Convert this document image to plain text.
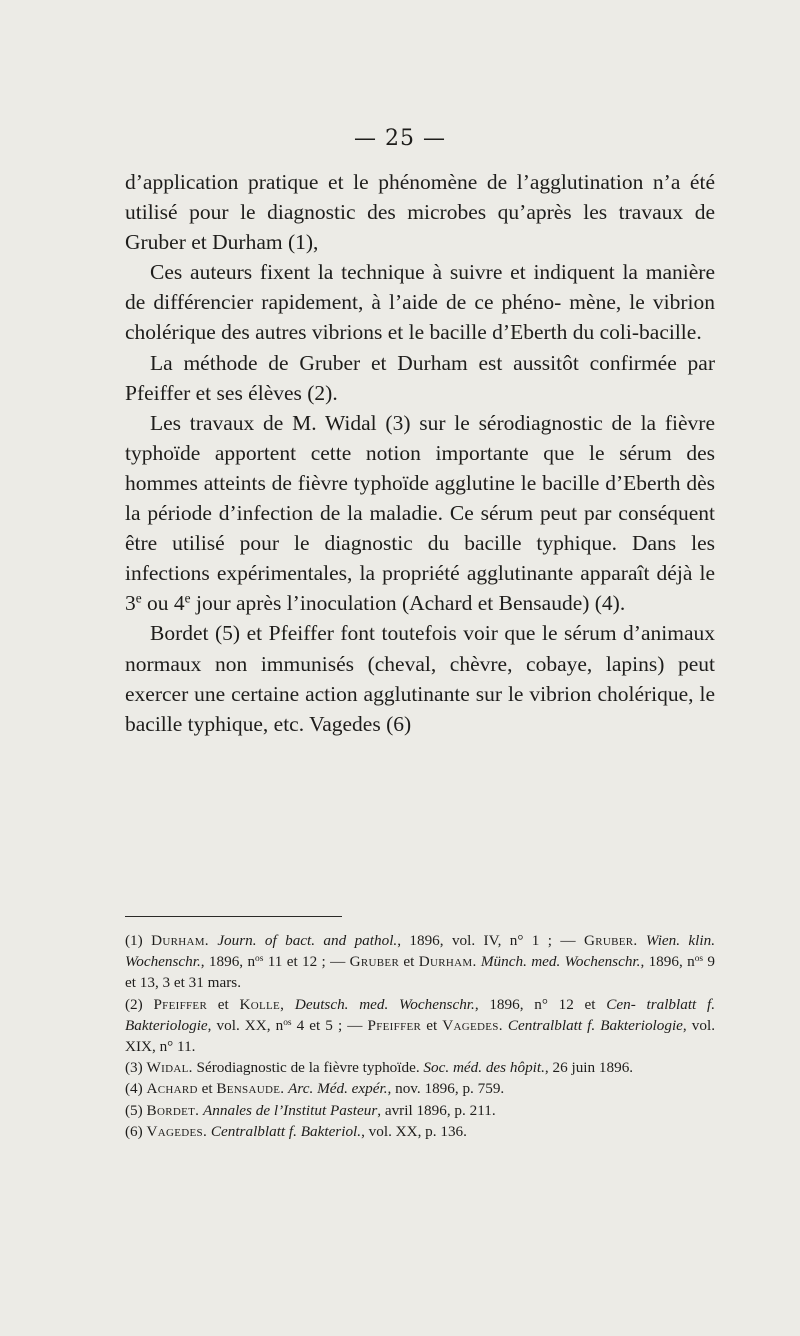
— 25 —

d’application pratique et le phénomène de l’agglutination n’a été utilisé pour le diagnostic des microbes qu’après les travaux de Gruber et Durham (1),

Ces auteurs fixent la technique à suivre et indiquent la manière de différencier rapidement, à l’aide de ce phéno- mène, le vibrion cholérique des autres vibrions et le bacille d’Eberth du coli-bacille.

La méthode de Gruber et Durham est aussitôt confirmée par Pfeiffer et ses élèves (2).

Les travaux de M. Widal (3) sur le sérodiagnostic de la fièvre typhoïde apportent cette notion importante que le sérum des hommes atteints de fièvre typhoïde agglutine le bacille d’Eberth dès la période d’infection de la maladie. Ce sérum peut par conséquent être utilisé pour le diagnostic du bacille typhique. Dans les infections expérimentales, la propriété agglutinante apparaît déjà le 3e ou 4e jour après l’inoculation (Achard et Bensaude) (4).

Bordet (5) et Pfeiffer font toutefois voir que le sérum d’animaux normaux non immunisés (cheval, chèvre, cobaye, lapins) peut exercer une certaine action agglutinante sur le vibrion cholérique, le bacille typhique, etc. Vagedes (6)

(1) Durham. Journ. of bact. and pathol., 1896, vol. IV, n° 1 ; — Gruber. Wien. klin. Wochenschr., 1896, $n^{os}$ 11 et 12 ; — Gruber et Durham. Münch. med. Wochenschr., 1896, $n^{os}$ 9 et 13, 3 et 31 mars.

(2) Pfeiffer et Kolle, Deutsch. med. Wochenschr., 1896, n° 12 et Cen- tralblatt f. Bakteriologie, vol. XX, $n^{os}$ 4 et 5 ; — Pfeiffer et Vagedes. Centralblatt f. Bakteriologie, vol. XIX, n° 11.

(3) Widal. Sérodiagnostic de la fièvre typhoïde. Soc. méd. des hôpit., 26 juin 1896.

(4) Achard et Bensaude. Arc. Méd. expér., nov. 1896, p. 759.

(5) Bordet. Annales de l’Institut Pasteur, avril 1896, p. 211.

(6) Vagedes. Centralblatt f. Bakteriol., vol. XX, p. 136.
